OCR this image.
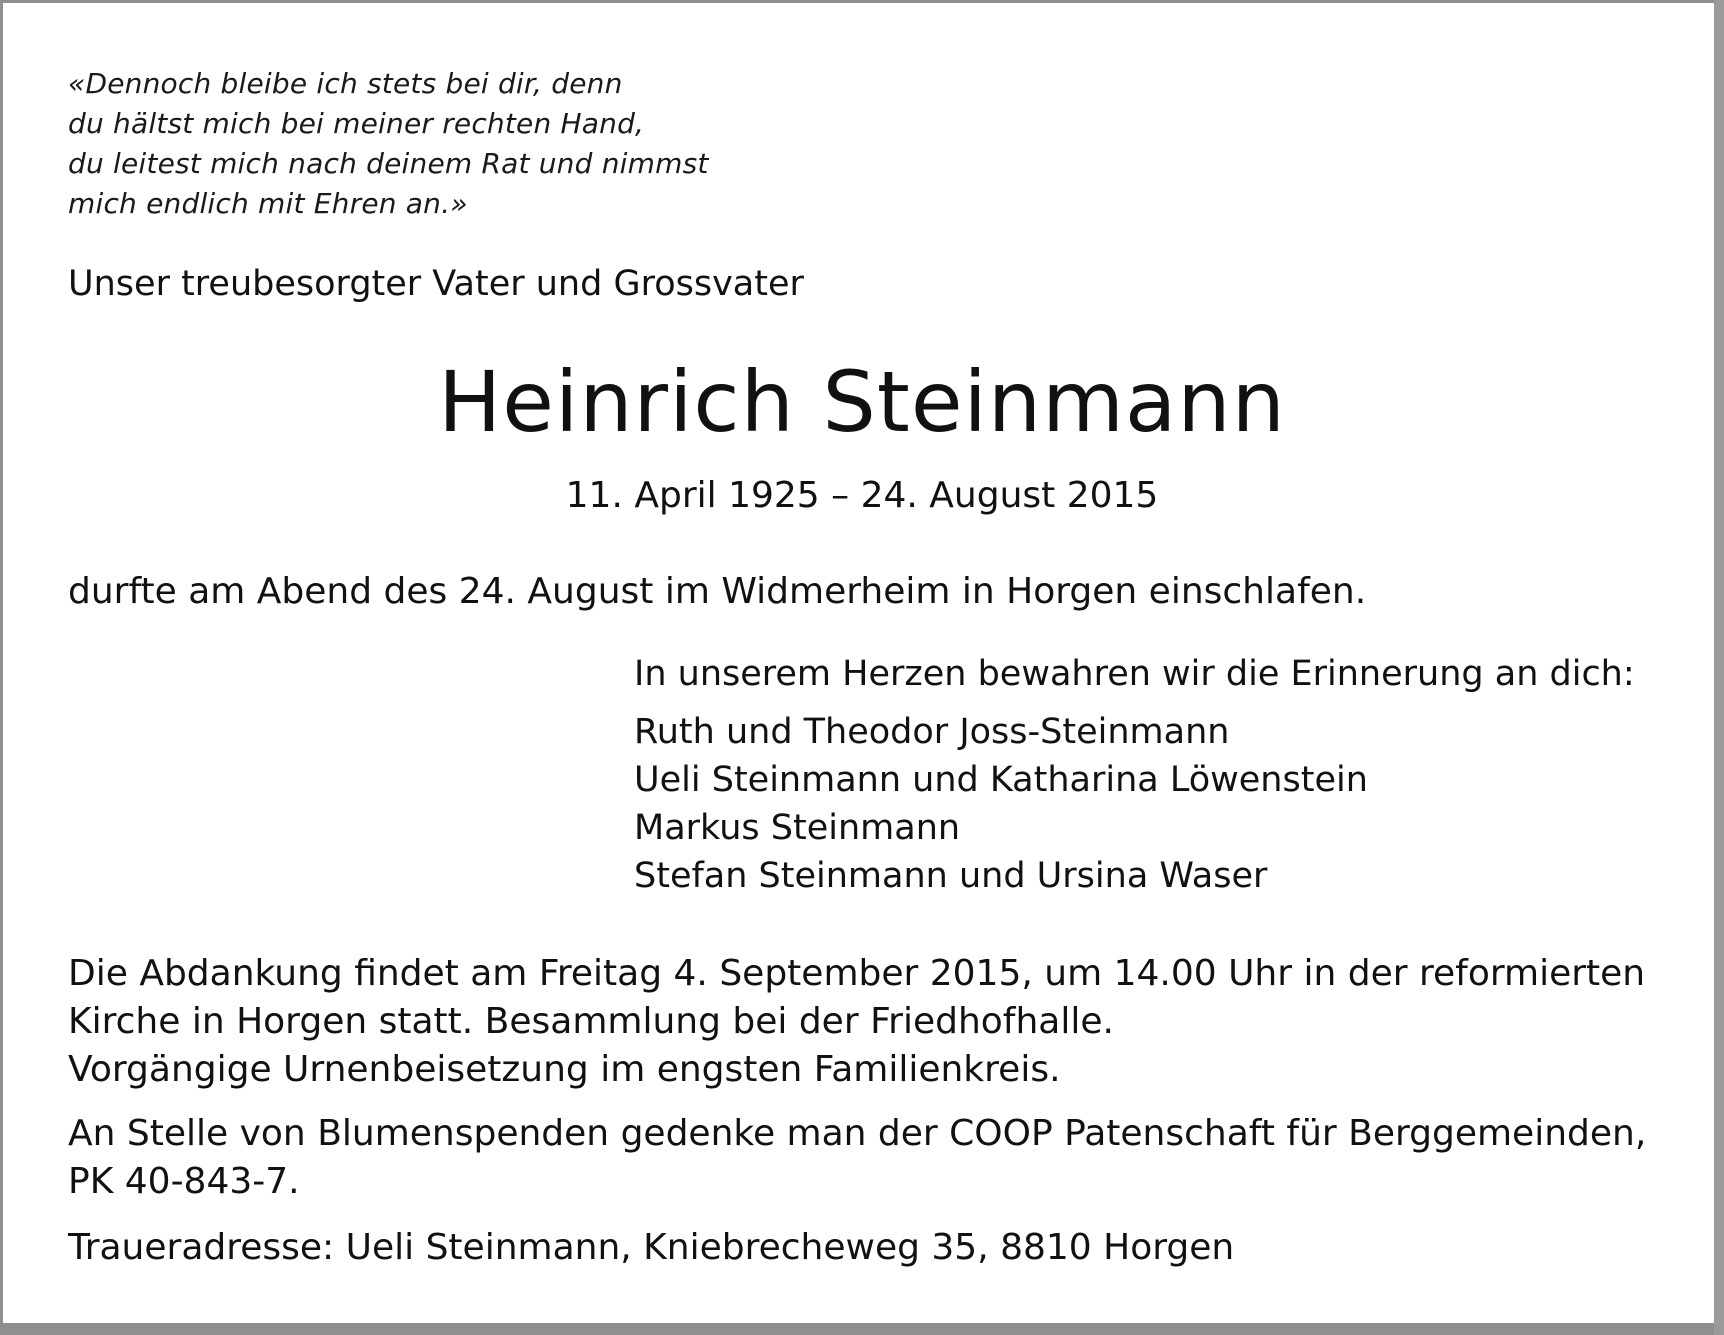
«Dennoch bleibe ich stets bei dir, denn
du hältst mich bei meiner rechten Hand,
du leitest mich nach deinem Rat und nimmst
mich endlich mit Ehren an.»
Unser treubesorgter Vater und Grossvater
Heinrich Steinmann
11. April 1925 – 24. August 2015
durfte am Abend des 24. August im Widmerheim in Horgen einschlafen.
In unserem Herzen bewahren wir die Erinnerung an dich:
Ruth und Theodor Joss-Steinmann
Ueli Steinmann und Katharina Löwenstein
Markus Steinmann
Stefan Steinmann und Ursina Waser
Die Abdankung findet am Freitag 4. September 2015, um 14.00 Uhr in der reformierten
Kirche in Horgen statt. Besammlung bei der Friedhofhalle.
Vorgängige Urnenbeisetzung im engsten Familienkreis.
An Stelle von Blumenspenden gedenke man der COOP Patenschaft für Berggemeinden,
PK 40-843-7.
Traueradresse: Ueli Steinmann, Kniebrecheweg 35, 8810 Horgen
